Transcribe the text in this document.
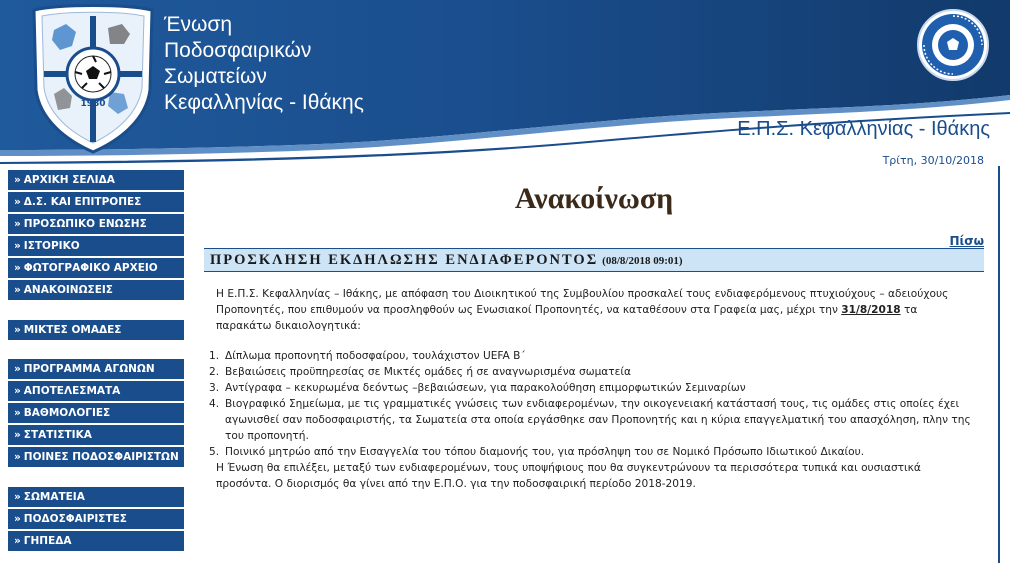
1980
Ένωση
Ποδοσφαιρικών
Σωματείων
Κεφαλληνίας - Ιθάκης
Ε.Π.Σ. Κεφαλληνίας - Ιθάκης
Τρίτη, 30/10/2018
» ΑΡΧΙΚΗ ΣΕΛΙΔΑ
» Δ.Σ. ΚΑΙ ΕΠΙΤΡΟΠΕΣ
» ΠΡΟΣΩΠΙΚΟ ΕΝΩΣΗΣ
» ΙΣΤΟΡΙΚΟ
» ΦΩΤΟΓΡΑΦΙΚΟ ΑΡΧΕΙΟ
» ΑΝΑΚΟΙΝΩΣΕΙΣ
» ΜΙΚΤΕΣ ΟΜΑΔΕΣ
» ΠΡΟΓΡΑΜΜΑ ΑΓΩΝΩΝ
» ΑΠΟΤΕΛΕΣΜΑΤΑ
» ΒΑΘΜΟΛΟΓΙΕΣ
» ΣΤΑΤΙΣΤΙΚΑ
» ΠΟΙΝΕΣ ΠΟΔΟΣΦΑΙΡΙΣΤΩΝ
» ΣΩΜΑΤΕΙΑ
» ΠΟΔΟΣΦΑΙΡΙΣΤΕΣ
» ΓΗΠΕΔΑ
Ανακοίνωση
Πίσω
ΠΡΟΣΚΛΗΣΗ ΕΚΔΗΛΩΣΗΣ ΕΝΔΙΑΦΕΡΟΝΤΟΣ (08/8/2018 09:01)

Η Ε.Π.Σ. Κεφαλληνίας – Ιθάκης, με απόφαση του Διοικητικού της Συμβουλίου προσκαλεί τους ενδιαφερόμενους πτυχιούχους – αδειούχους Προπονητές, που επιθυμούν να προσληφθούν ως Ενωσιακοί Προπονητές, να καταθέσουν στα Γραφεία μας, μέχρι την 31/8/2018 τα παρακάτω δικαιολογητικά:

1. Δίπλωμα προπονητή ποδοσφαίρου, τουλάχιστον UEFA B΄
2. Βεβαιώσεις προϋπηρεσίας σε Μικτές ομάδες ή σε αναγνωρισμένα σωματεία
3. Αντίγραφα – κεκυρωμένα δεόντως –βεβαιώσεων, για παρακολούθηση επιμορφωτικών Σεμιναρίων
4. Βιογραφικό Σημείωμα, με τις γραμματικές γνώσεις των ενδιαφερομένων, την οικογενειακή κατάστασή τους, τις ομάδες στις οποίες έχει αγωνισθεί σαν ποδοσφαιριστής, τα Σωματεία στα οποία εργάσθηκε σαν Προπονητής και η κύρια επαγγελματική του απασχόληση, πλην της του προπονητή.
5. Ποινικό μητρώο από την Εισαγγελία του τόπου διαμονής του, για πρόσληψη του σε Νομικό Πρόσωπο Ιδιωτικού Δικαίου.

Η Ένωση θα επιλέξει, μεταξύ των ενδιαφερομένων, τους υποψήφιους που θα συγκεντρώνουν τα περισσότερα τυπικά και ουσιαστικά προσόντα. Ο διορισμός θα γίνει από την Ε.Π.Ο. για την ποδοσφαιρική περίοδο 2018-2019.
